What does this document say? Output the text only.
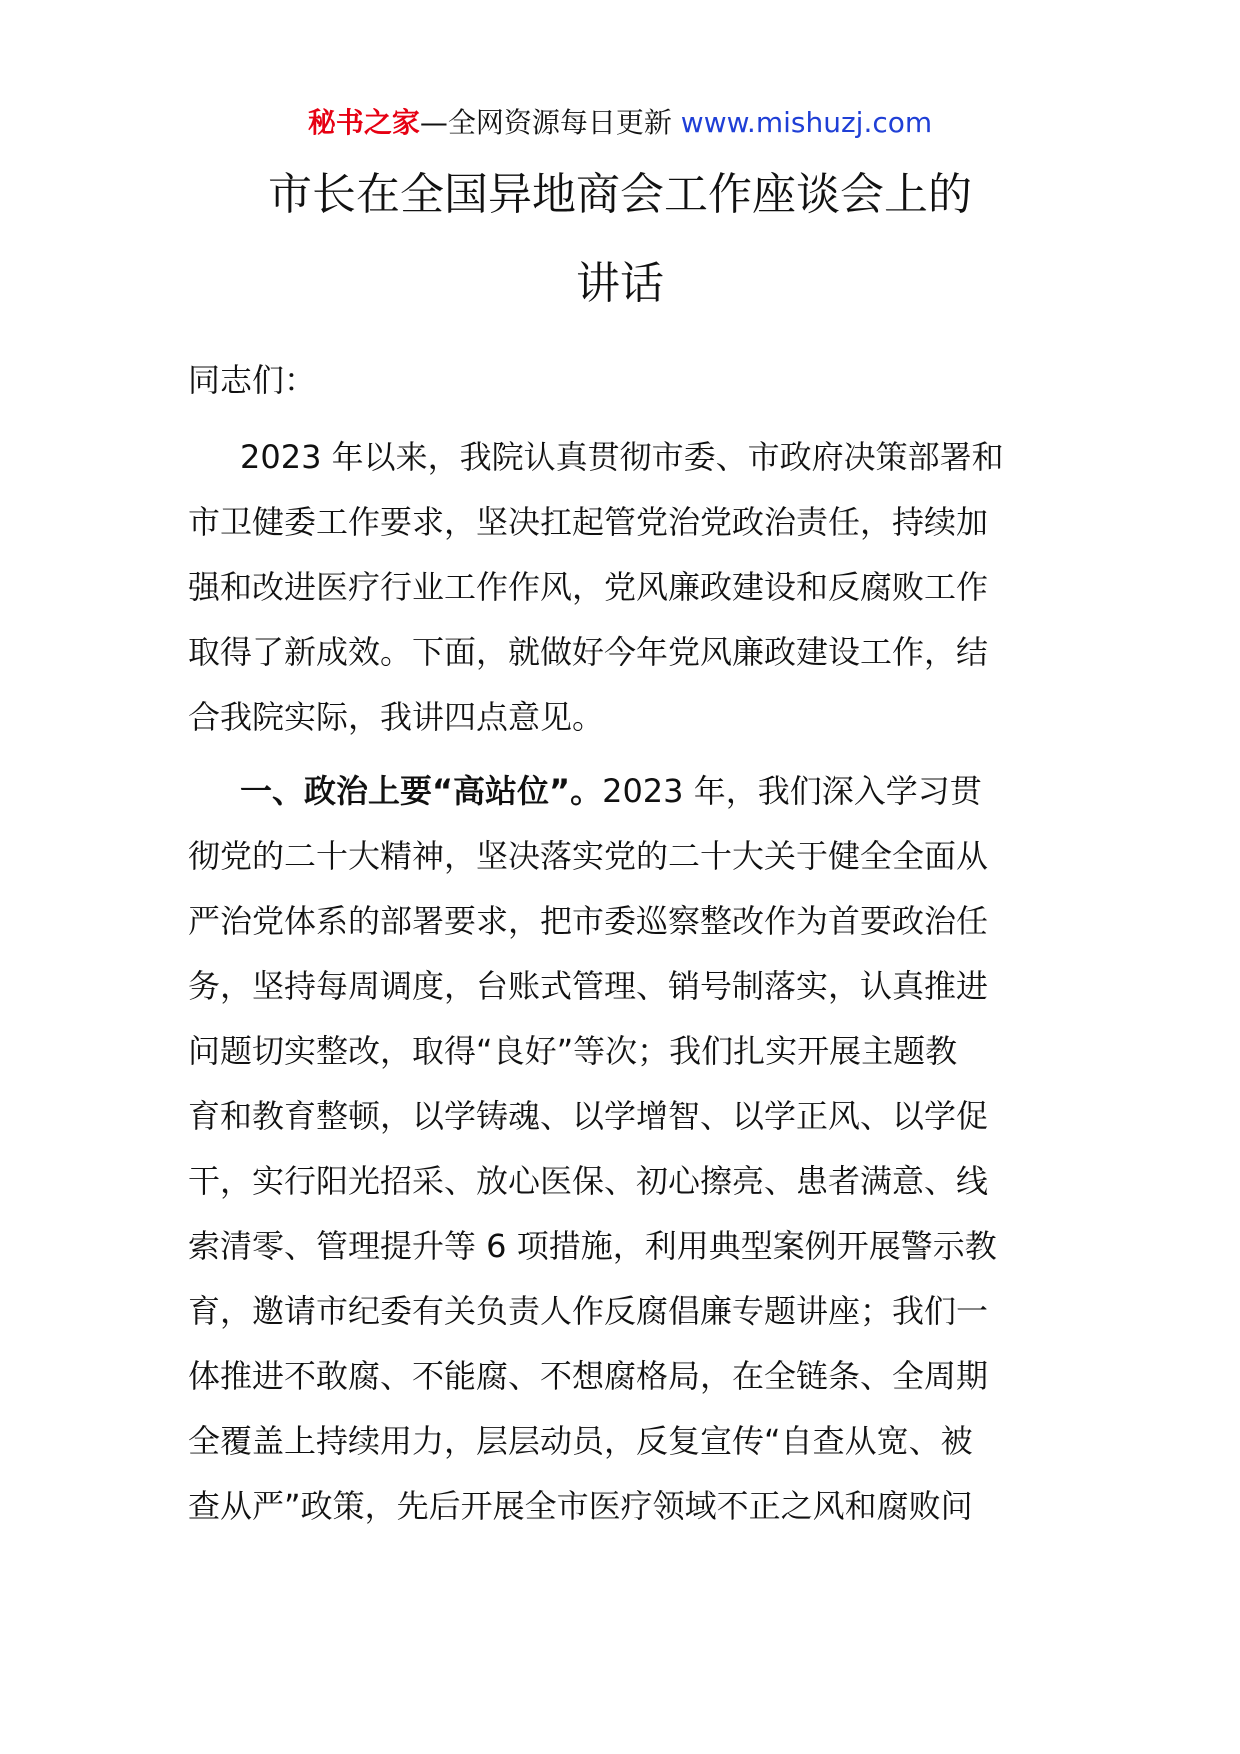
秘书之家—全网资源每日更新 www.mishuzj.com
市长在全国异地商会工作座谈会上的
讲话
同志们：
2023 年以来，我院认真贯彻市委、市政府决策部署和
市卫健委工作要求，坚决扛起管党治党政治责任，持续加
强和改进医疗行业工作作风，党风廉政建设和反腐败工作
取得了新成效。下面，就做好今年党风廉政建设工作，结
合我院实际，我讲四点意见。
一、政治上要“高站位”。2023 年，我们深入学习贯
彻党的二十大精神，坚决落实党的二十大关于健全全面从
严治党体系的部署要求，把市委巡察整改作为首要政治任
务，坚持每周调度，台账式管理、销号制落实，认真推进
问题切实整改，取得“良好”等次；我们扎实开展主题教
育和教育整顿，以学铸魂、以学增智、以学正风、以学促
干，实行阳光招采、放心医保、初心擦亮、患者满意、线
索清零、管理提升等 6 项措施，利用典型案例开展警示教
育，邀请市纪委有关负责人作反腐倡廉专题讲座；我们一
体推进不敢腐、不能腐、不想腐格局，在全链条、全周期
全覆盖上持续用力，层层动员，反复宣传“自查从宽、被
查从严”政策，先后开展全市医疗领域不正之风和腐败问
